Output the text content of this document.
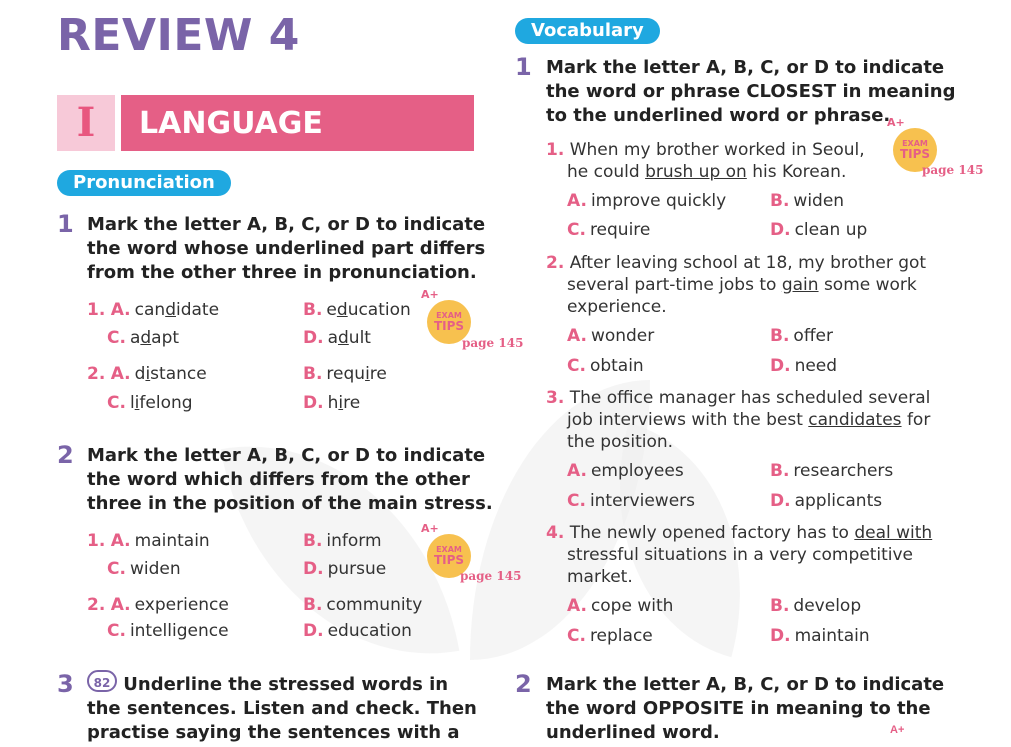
REVIEW 4
I	LANGUAGE
Pronunciation
1 Mark the letter A, B, C, or D to indicate
the word whose underlined part differs
from the other three in pronunciation.
1. A. candidate	B. education
C. adapt	D. adult
A+
EXAM
TIPS
page 145
2. A. distance	B. require
C. lifelong	D. hire
2 Mark the letter A, B, C, or D to indicate
the word which differs from the other
three in the position of the main stress.
1. A. maintain	B. inform
C. widen	D. pursue
A+
EXAM
TIPS
page 145
2. A. experience	B. community
C. intelligence	D. education
3	82 Underline the stressed words in
the sentences. Listen and check. Then
practise saying the sentences with a
Vocabulary
1 Mark the letter A, B, C, or D to indicate
the word or phrase CLOSEST in meaning
to the underlined word or phrase.
A+
EXAM
TIPS
page 145
1. When my brother worked in Seoul,
he could brush up on his Korean.
A. improve quickly	B. widen
C. require	D. clean up
2. After leaving school at 18, my brother got
several part-time jobs to gain some work
experience.
A. wonder	B. offer
C. obtain	D. need
3. The office manager has scheduled several
job interviews with the best candidates for
the position.
A. employees	B. researchers
C. interviewers	D. applicants
4. The newly opened factory has to deal with
stressful situations in a very competitive
market.
A. cope with	B. develop
C. replace	D. maintain
2 Mark the letter A, B, C, or D to indicate
the word OPPOSITE in meaning to the
underlined word.	A+
